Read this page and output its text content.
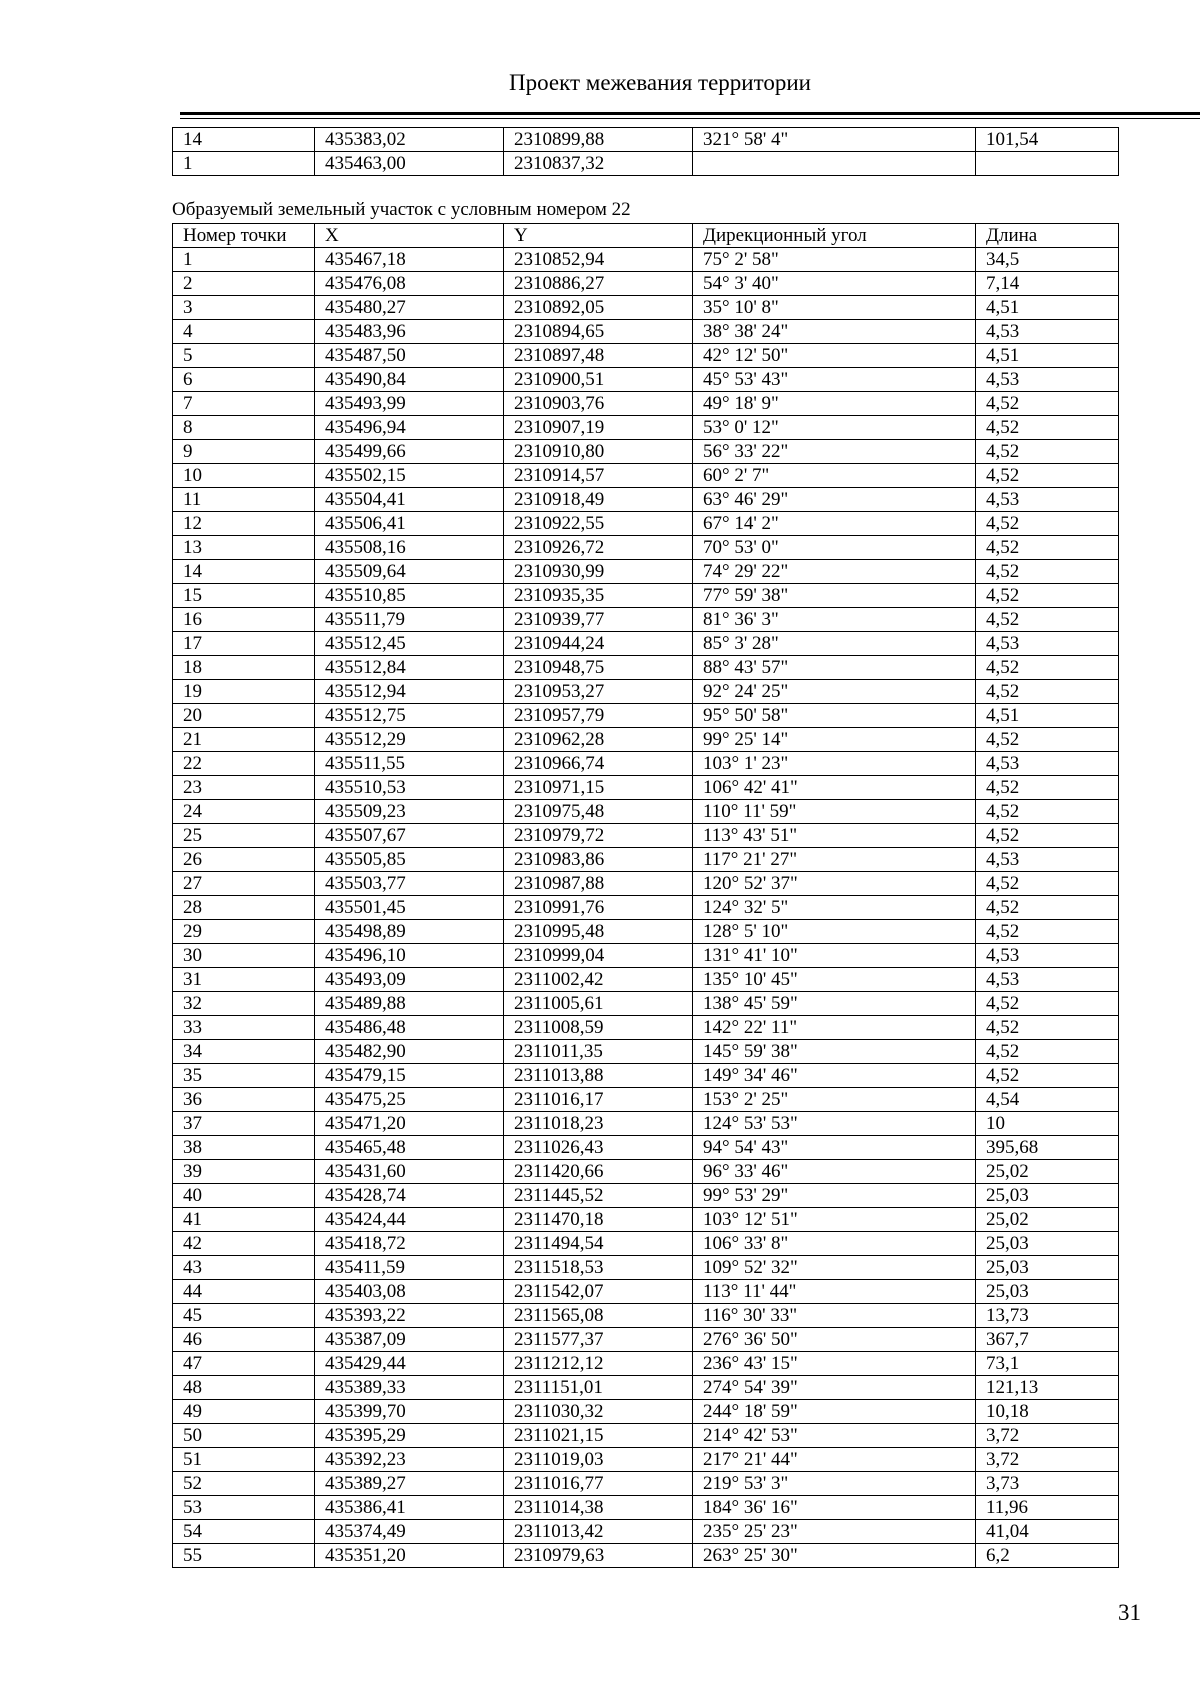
Проект межевания территории
14	435383,02	2310899,88	321° 58' 4"	101,54
1	435463,00	2310837,32		
Образуемый земельный участок с условным номером 22
Номер точки	X	Y	Дирекционный угол	Длина
1	435467,18	2310852,94	75° 2' 58"	34,5
2	435476,08	2310886,27	54° 3' 40"	7,14
3	435480,27	2310892,05	35° 10' 8"	4,51
4	435483,96	2310894,65	38° 38' 24"	4,53
5	435487,50	2310897,48	42° 12' 50"	4,51
6	435490,84	2310900,51	45° 53' 43"	4,53
7	435493,99	2310903,76	49° 18' 9"	4,52
8	435496,94	2310907,19	53° 0' 12"	4,52
9	435499,66	2310910,80	56° 33' 22"	4,52
10	435502,15	2310914,57	60° 2' 7"	4,52
11	435504,41	2310918,49	63° 46' 29"	4,53
12	435506,41	2310922,55	67° 14' 2"	4,52
13	435508,16	2310926,72	70° 53' 0"	4,52
14	435509,64	2310930,99	74° 29' 22"	4,52
15	435510,85	2310935,35	77° 59' 38"	4,52
16	435511,79	2310939,77	81° 36' 3"	4,52
17	435512,45	2310944,24	85° 3' 28"	4,53
18	435512,84	2310948,75	88° 43' 57"	4,52
19	435512,94	2310953,27	92° 24' 25"	4,52
20	435512,75	2310957,79	95° 50' 58"	4,51
21	435512,29	2310962,28	99° 25' 14"	4,52
22	435511,55	2310966,74	103° 1' 23"	4,53
23	435510,53	2310971,15	106° 42' 41"	4,52
24	435509,23	2310975,48	110° 11' 59"	4,52
25	435507,67	2310979,72	113° 43' 51"	4,52
26	435505,85	2310983,86	117° 21' 27"	4,53
27	435503,77	2310987,88	120° 52' 37"	4,52
28	435501,45	2310991,76	124° 32' 5"	4,52
29	435498,89	2310995,48	128° 5' 10"	4,52
30	435496,10	2310999,04	131° 41' 10"	4,53
31	435493,09	2311002,42	135° 10' 45"	4,53
32	435489,88	2311005,61	138° 45' 59"	4,52
33	435486,48	2311008,59	142° 22' 11"	4,52
34	435482,90	2311011,35	145° 59' 38"	4,52
35	435479,15	2311013,88	149° 34' 46"	4,52
36	435475,25	2311016,17	153° 2' 25"	4,54
37	435471,20	2311018,23	124° 53' 53"	10
38	435465,48	2311026,43	94° 54' 43"	395,68
39	435431,60	2311420,66	96° 33' 46"	25,02
40	435428,74	2311445,52	99° 53' 29"	25,03
41	435424,44	2311470,18	103° 12' 51"	25,02
42	435418,72	2311494,54	106° 33' 8"	25,03
43	435411,59	2311518,53	109° 52' 32"	25,03
44	435403,08	2311542,07	113° 11' 44"	25,03
45	435393,22	2311565,08	116° 30' 33"	13,73
46	435387,09	2311577,37	276° 36' 50"	367,7
47	435429,44	2311212,12	236° 43' 15"	73,1
48	435389,33	2311151,01	274° 54' 39"	121,13
49	435399,70	2311030,32	244° 18' 59"	10,18
50	435395,29	2311021,15	214° 42' 53"	3,72
51	435392,23	2311019,03	217° 21' 44"	3,72
52	435389,27	2311016,77	219° 53' 3"	3,73
53	435386,41	2311014,38	184° 36' 16"	11,96
54	435374,49	2311013,42	235° 25' 23"	41,04
55	435351,20	2310979,63	263° 25' 30"	6,2
31
